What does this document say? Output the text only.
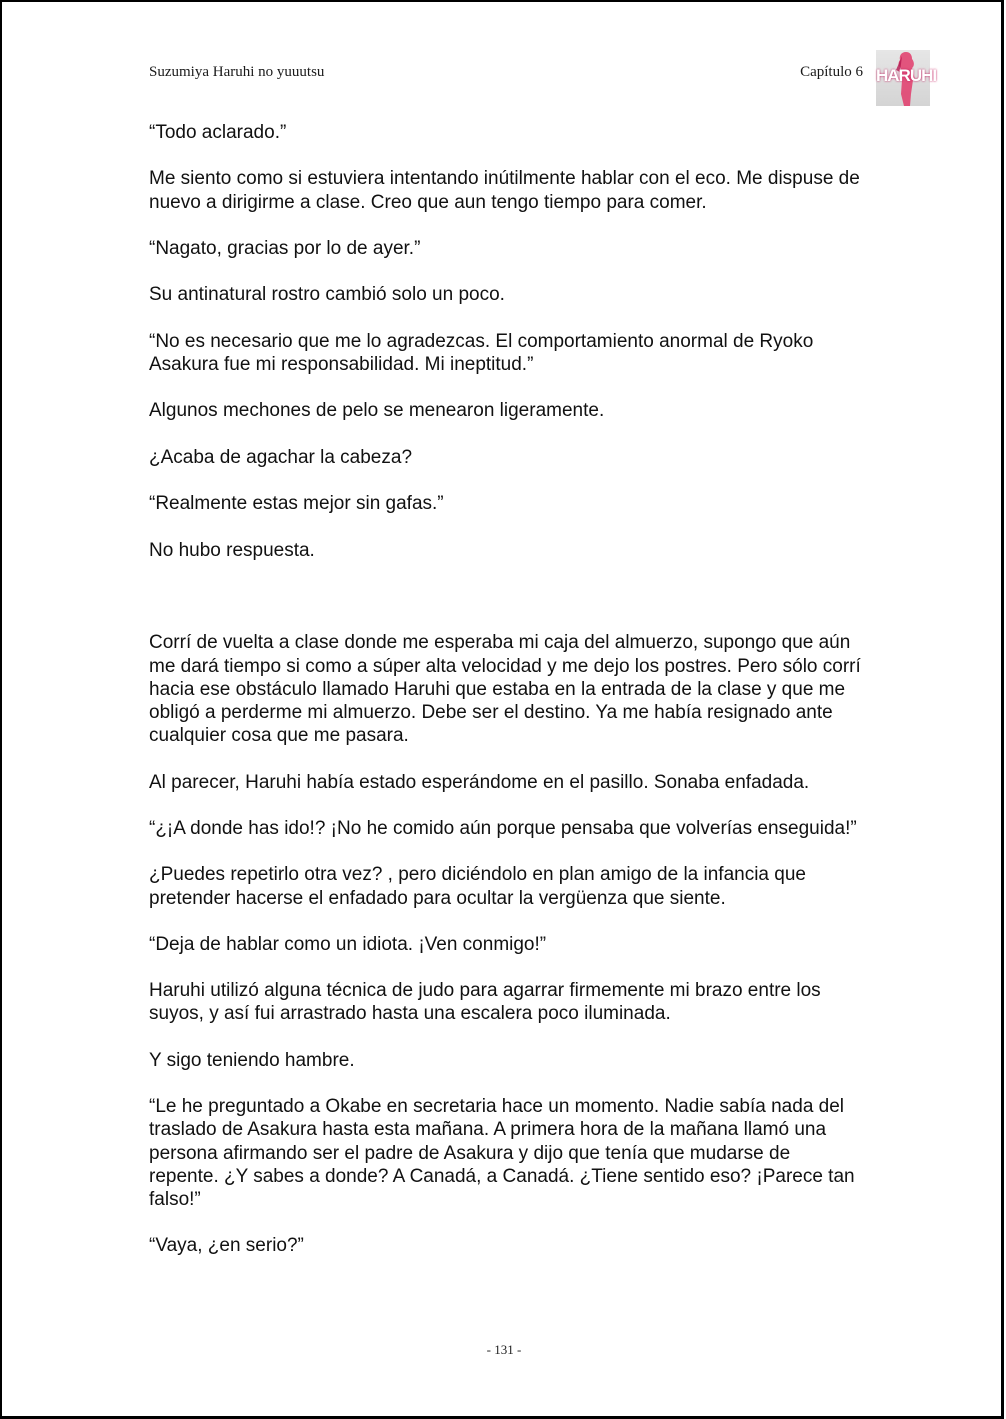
Suzumiya Haruhi no yuuutsu	Capítulo 6 HARUHI

“Todo aclarado.”

Me siento como si estuviera intentando inútilmente hablar con el eco. Me dispuse de nuevo a dirigirme a clase. Creo que aun tengo tiempo para comer.

“Nagato, gracias por lo de ayer.”

Su antinatural rostro cambió solo un poco.

“No es necesario que me lo agradezcas. El comportamiento anormal de Ryoko Asakura fue mi responsabilidad. Mi ineptitud.”

Algunos mechones de pelo se menearon ligeramente.

¿Acaba de agachar la cabeza?

“Realmente estas mejor sin gafas.”

No hubo respuesta.

Corrí de vuelta a clase donde me esperaba mi caja del almuerzo, supongo que aún me dará tiempo si como a súper alta velocidad y me dejo los postres. Pero sólo corrí hacia ese obstáculo llamado Haruhi que estaba en la entrada de la clase y que me obligó a perderme mi almuerzo. Debe ser el destino. Ya me había resignado ante cualquier cosa que me pasara.

Al parecer, Haruhi había estado esperándome en el pasillo. Sonaba enfadada.

“¿¡A donde has ido!? ¡No he comido aún porque pensaba que volverías enseguida!”

¿Puedes repetirlo otra vez? , pero diciéndolo en plan amigo de la infancia que pretender hacerse el enfadado para ocultar la vergüenza que siente.

“Deja de hablar como un idiota. ¡Ven conmigo!”

Haruhi utilizó alguna técnica de judo para agarrar firmemente mi brazo entre los suyos, y así fui arrastrado hasta una escalera poco iluminada.

Y sigo teniendo hambre.

“Le he preguntado a Okabe en secretaria hace un momento. Nadie sabía nada del traslado de Asakura hasta esta mañana. A primera hora de la mañana llamó una persona afirmando ser el padre de Asakura y dijo que tenía que mudarse de repente. ¿Y sabes a donde? A Canadá, a Canadá. ¿Tiene sentido eso? ¡Parece tan falso!”

“Vaya, ¿en serio?”

- 131 -
